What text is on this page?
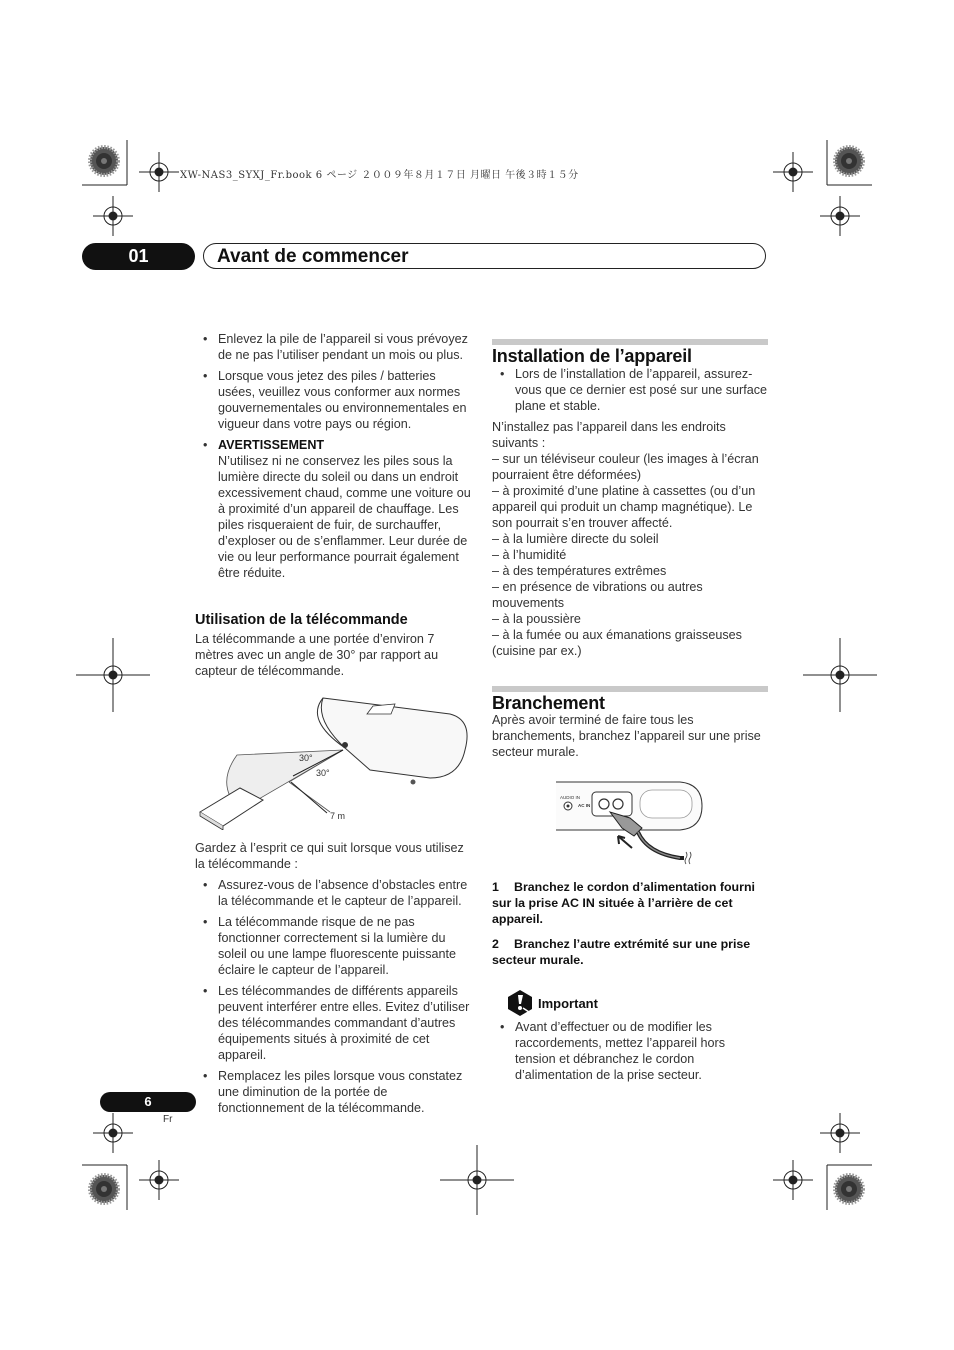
XW-NAS3_SYXJ_Fr.book 6 ページ ２００９年８月１７日 月曜日 午後３時１５分
01	Avant de commencer
• Enlevez la pile de l’appareil si vous prévoyez de ne pas l’utiliser pendant un mois ou plus.
• Lorsque vous jetez des piles / batteries usées, veuillez vous conformer aux normes gouvernementales ou environnementales en vigueur dans votre pays ou région.
• AVERTISSEMENT
N’utilisez ni ne conservez les piles sous la lumière directe du soleil ou dans un endroit excessivement chaud, comme une voiture ou à proximité d’un appareil de chauffage. Les piles risqueraient de fuir, de surchauffer, d’exploser ou de s’enflammer. Leur durée de vie ou leur performance pourrait également être réduite.
Utilisation de la télécommande

La télécommande a une portée d’environ 7 mètres avec un angle de 30° par rapport au capteur de télécommande.

30°
30°
7 m

Gardez à l’esprit ce qui suit lorsque vous utilisez la télécommande :

• Assurez-vous de l’absence d’obstacles entre la télécommande et le capteur de l’appareil.
• La télécommande risque de ne pas fonctionner correctement si la lumière du soleil ou une lampe fluorescente puissante éclaire le capteur de l’appareil.
• Les télécommandes de différents appareils peuvent interférer entre elles. Evitez d’utiliser des télécommandes commandant d’autres équipements situés à proximité de cet appareil.
• Remplacez les piles lorsque vous constatez une diminution de la portée de fonctionnement de la télécommande.
Installation de l’appareil
• Lors de l’installation de l’appareil, assurez-vous que ce dernier est posé sur une surface plane et stable.

N’installez pas l’appareil dans les endroits suivants :

– sur un téléviseur couleur (les images à l’écran pourraient être déformées)
– à proximité d’une platine à cassettes (ou d’un appareil qui produit un champ magnétique). Le son pourrait s’en trouver affecté.
– à la lumière directe du soleil
– à l’humidité
– à des températures extrêmes
– en présence de vibrations ou autres mouvements
– à la poussière
– à la fumée ou aux émanations graisseuses (cuisine par ex.)
Branchement

Après avoir terminé de faire tous les branchements, branchez l’appareil sur une prise secteur murale.

AUDIO IN
AC IN
1 Branchez le cordon d’alimentation fourni sur la prise AC IN située à l’arrière de cet appareil.
2 Branchez l’autre extrémité sur une prise secteur murale.
Important
• Avant d’effectuer ou de modifier les raccordements, mettez l’appareil hors tension et débranchez le cordon d’alimentation de la prise secteur.
6
Fr
